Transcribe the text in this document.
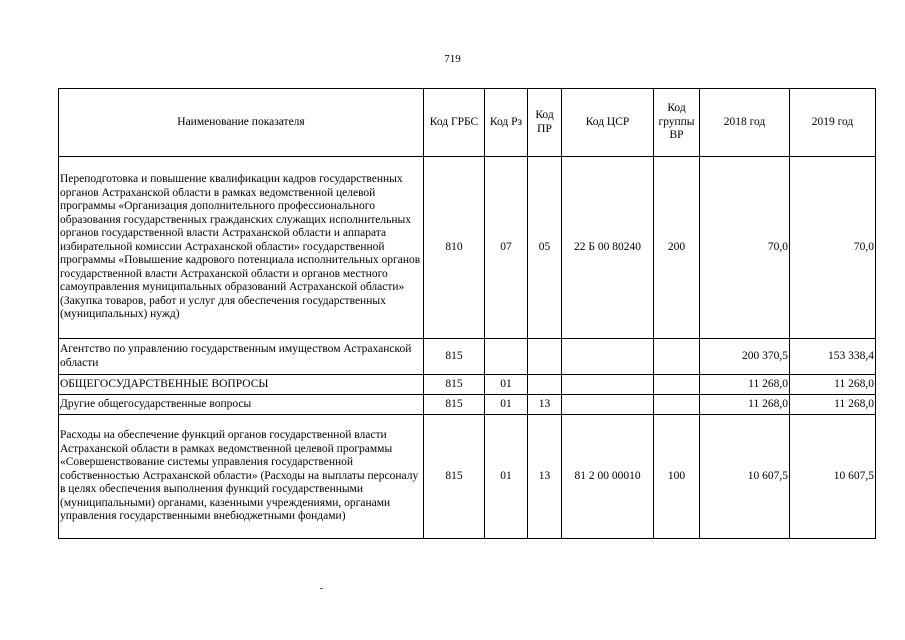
719
Наименование показателя	Код ГРБС	Код Рз	Код ПР	Код ЦСР	Код группы ВР	2018 год	2019 год
Переподготовка и повышение квалификации кадров государственных органов Астраханской области в рамках ведомственной целевой программы «Организация дополнительного профессионального образования государственных гражданских служащих исполнительных органов государственной власти Астраханской области и аппарата избирательной комиссии Астраханской области» государственной программы «Повышение кадрового потенциала исполнительных органов государственной власти Астраханской области и органов местного самоуправления муниципальных образований Астраханской области» (Закупка товаров, работ и услуг для обеспечения государственных (муниципальных) нужд)	810	07	05	22 Б 00 80240	200	70,0	70,0
Агентство по управлению государственным имуществом Астраханской области	815					200 370,5	153 338,4
ОБЩЕГОСУДАРСТВЕННЫЕ ВОПРОСЫ	815	01				11 268,0	11 268,0
Другие общегосударственные вопросы	815	01	13			11 268,0	11 268,0
Расходы на обеспечение функций органов государственной власти Астраханской области в рамках ведомственной целевой программы «Совершенствование системы управления государственной собственностью Астраханской области» (Расходы на выплаты персоналу в целях обеспечения выполнения функций государственными (муниципальными) органами, казенными учреждениями, органами управления государственными внебюджетными фондами)	815	01	13	81 2 00 00010	100	10 607,5	10 607,5
